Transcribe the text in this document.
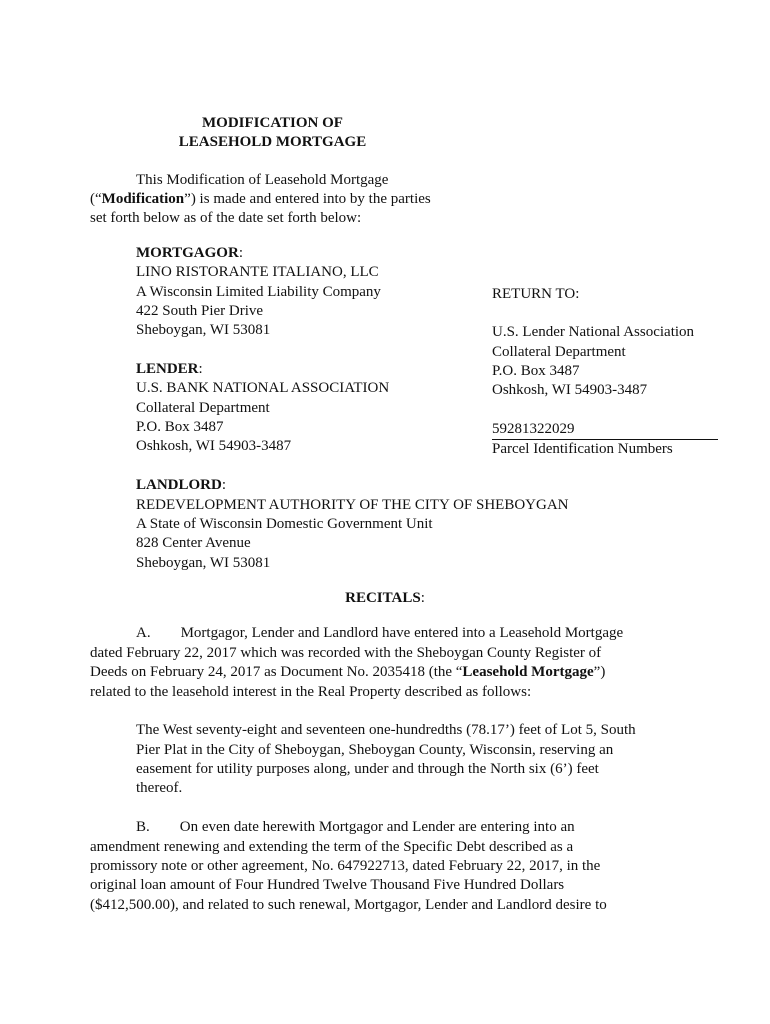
MODIFICATION OF
LEASEHOLD MORTGAGE
This Modification of Leasehold Mortgage
(“Modification”) is made and entered into by the parties
set forth below as of the date set forth below:
MORTGAGOR:
LINO RISTORANTE ITALIANO, LLC
A Wisconsin Limited Liability Company
422 South Pier Drive
Sheboygan, WI 53081
LENDER:
U.S. BANK NATIONAL ASSOCIATION
Collateral Department
P.O. Box 3487
Oshkosh, WI 54903-3487
RETURN TO:
U.S. Lender National Association
Collateral Department
P.O. Box 3487
Oshkosh, WI 54903-3487
59281322029
Parcel Identification Numbers
LANDLORD:
REDEVELOPMENT AUTHORITY OF THE CITY OF SHEBOYGAN
A State of Wisconsin Domestic Government Unit
828 Center Avenue
Sheboygan, WI 53081
RECITALS:
A.        Mortgagor, Lender and Landlord have entered into a Leasehold Mortgage
dated February 22, 2017 which was recorded with the Sheboygan County Register of
Deeds on February 24, 2017 as Document No. 2035418 (the “Leasehold Mortgage”)
related to the leasehold interest in the Real Property described as follows:
The West seventy-eight and seventeen one-hundredths (78.17’) feet of Lot 5, South
Pier Plat in the City of Sheboygan, Sheboygan County, Wisconsin, reserving an
easement for utility purposes along, under and through the North six (6’) feet
thereof.
B.        On even date herewith Mortgagor and Lender are entering into an
amendment renewing and extending the term of the Specific Debt described as a
promissory note or other agreement, No. 647922713, dated February 22, 2017, in the
original loan amount of Four Hundred Twelve Thousand Five Hundred Dollars
($412,500.00), and related to such renewal, Mortgagor, Lender and Landlord desire to
